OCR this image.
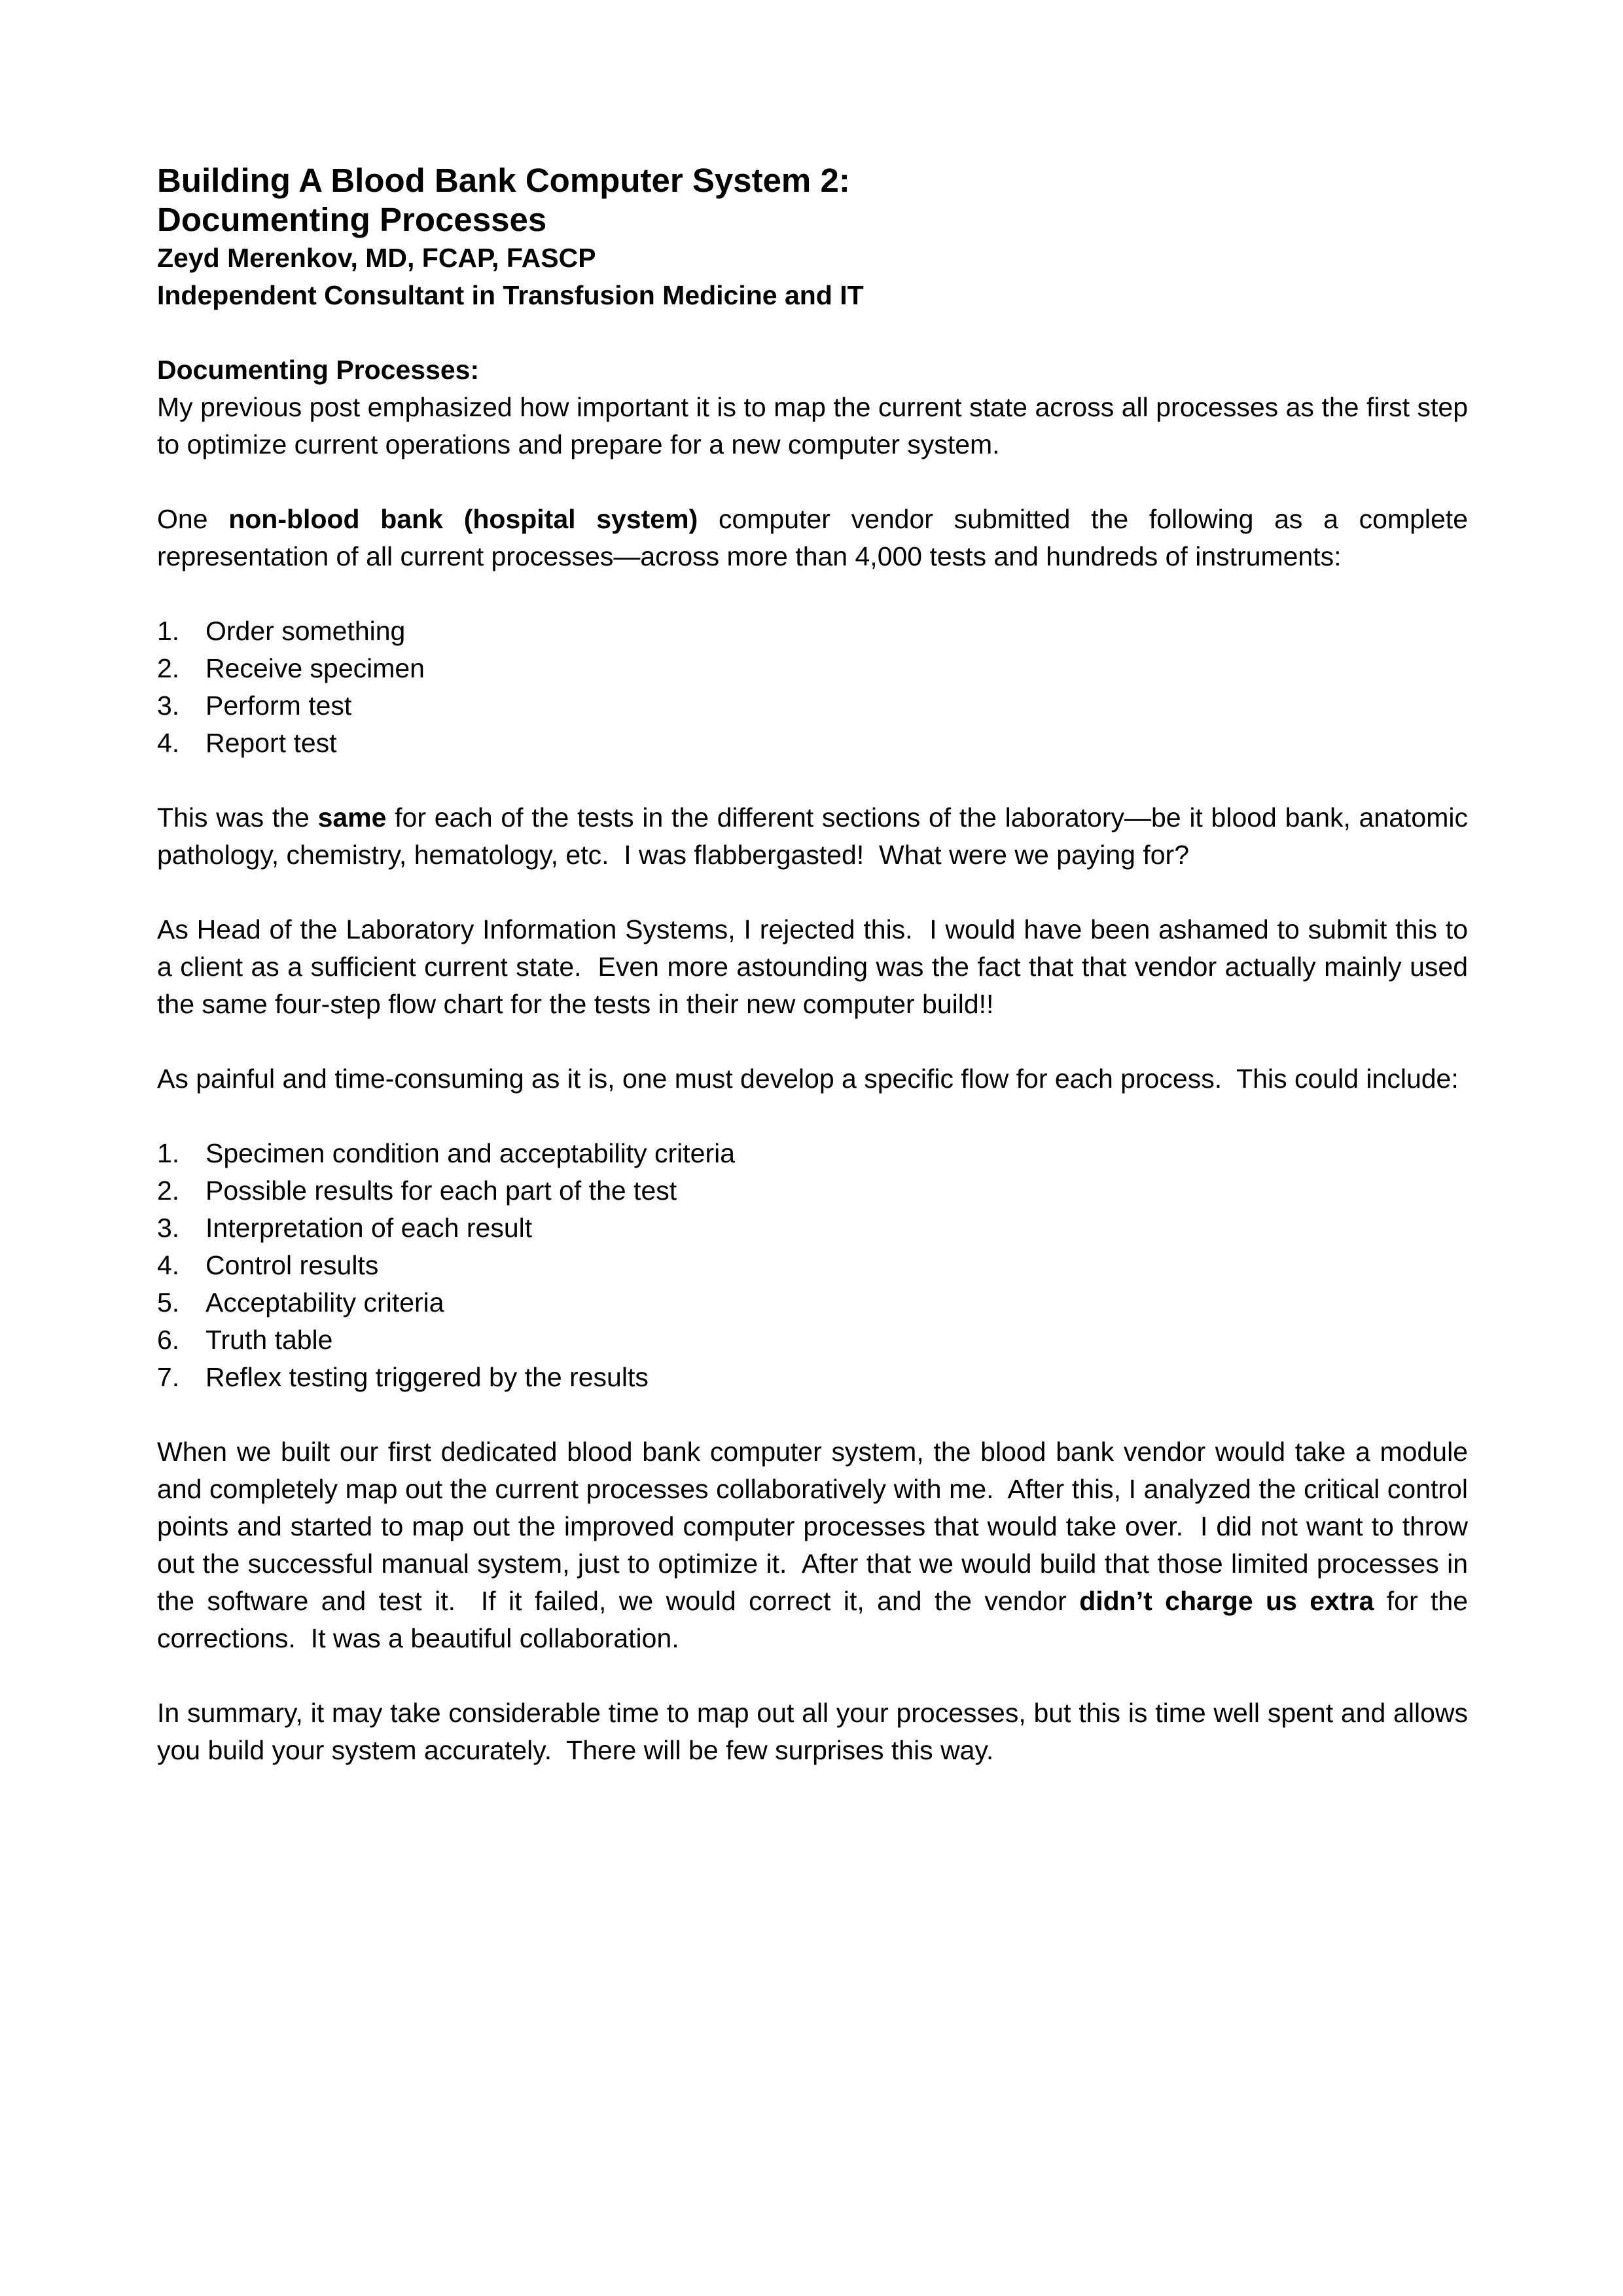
Building A Blood Bank Computer System 2:
Documenting Processes
Zeyd Merenkov, MD, FCAP, FASCP
Independent Consultant in Transfusion Medicine and IT
Documenting Processes:
My previous post emphasized how important it is to map the current state across all processes as the first step to optimize current operations and prepare for a new computer system.
One non-blood bank (hospital system) computer vendor submitted the following as a complete representation of all current processes—across more than 4,000 tests and hundreds of instruments:
1. Order something
2. Receive specimen
3. Perform test
4. Report test
This was the same for each of the tests in the different sections of the laboratory—be it blood bank, anatomic pathology, chemistry, hematology, etc.  I was flabbergasted!  What were we paying for?
As Head of the Laboratory Information Systems, I rejected this.  I would have been ashamed to submit this to a client as a sufficient current state.  Even more astounding was the fact that that vendor actually mainly used the same four-step flow chart for the tests in their new computer build!!
As painful and time-consuming as it is, one must develop a specific flow for each process.  This could include:
1. Specimen condition and acceptability criteria
2. Possible results for each part of the test
3. Interpretation of each result
4. Control results
5. Acceptability criteria
6. Truth table
7. Reflex testing triggered by the results
When we built our first dedicated blood bank computer system, the blood bank vendor would take a module and completely map out the current processes collaboratively with me.  After this, I analyzed the critical control points and started to map out the improved computer processes that would take over.  I did not want to throw out the successful manual system, just to optimize it.  After that we would build that those limited processes in the software and test it.  If it failed, we would correct it, and the vendor didn’t charge us extra for the corrections.  It was a beautiful collaboration.
In summary, it may take considerable time to map out all your processes, but this is time well spent and allows you build your system accurately.  There will be few surprises this way.
